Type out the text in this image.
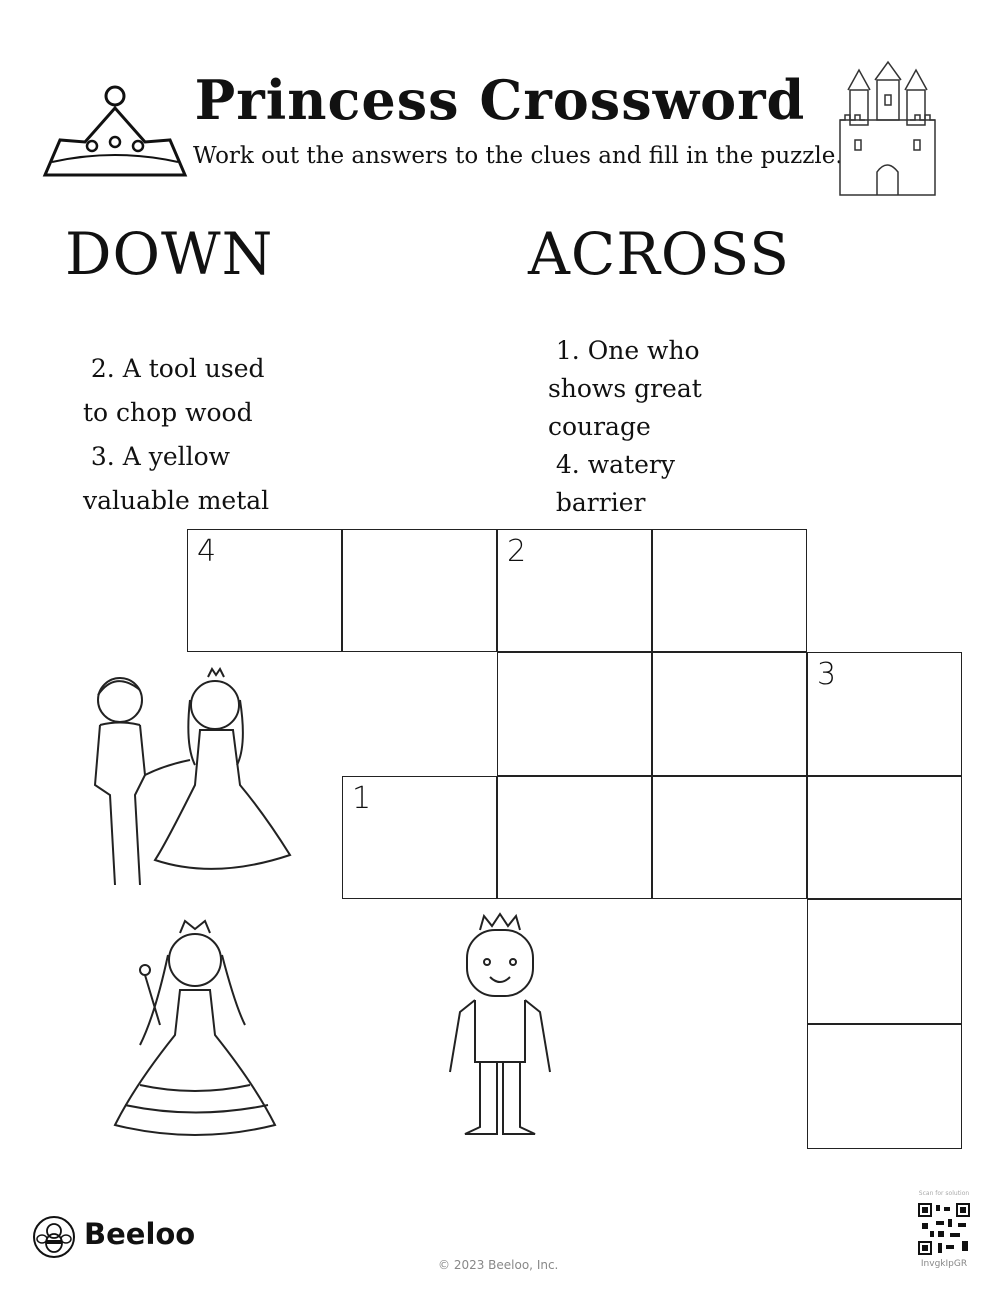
Princess Crossword
Work out the answers to the clues and fill in the puzzle.
DOWN	ACROSS

2. A tool used
to chop wood

3. A yellow
valuable metal

1. One who
shows great
courage

4. watery
barrier

4	2
3
1
Beeloo
© 2023 Beeloo, Inc.
Scan for solution
InvgkIpGR
